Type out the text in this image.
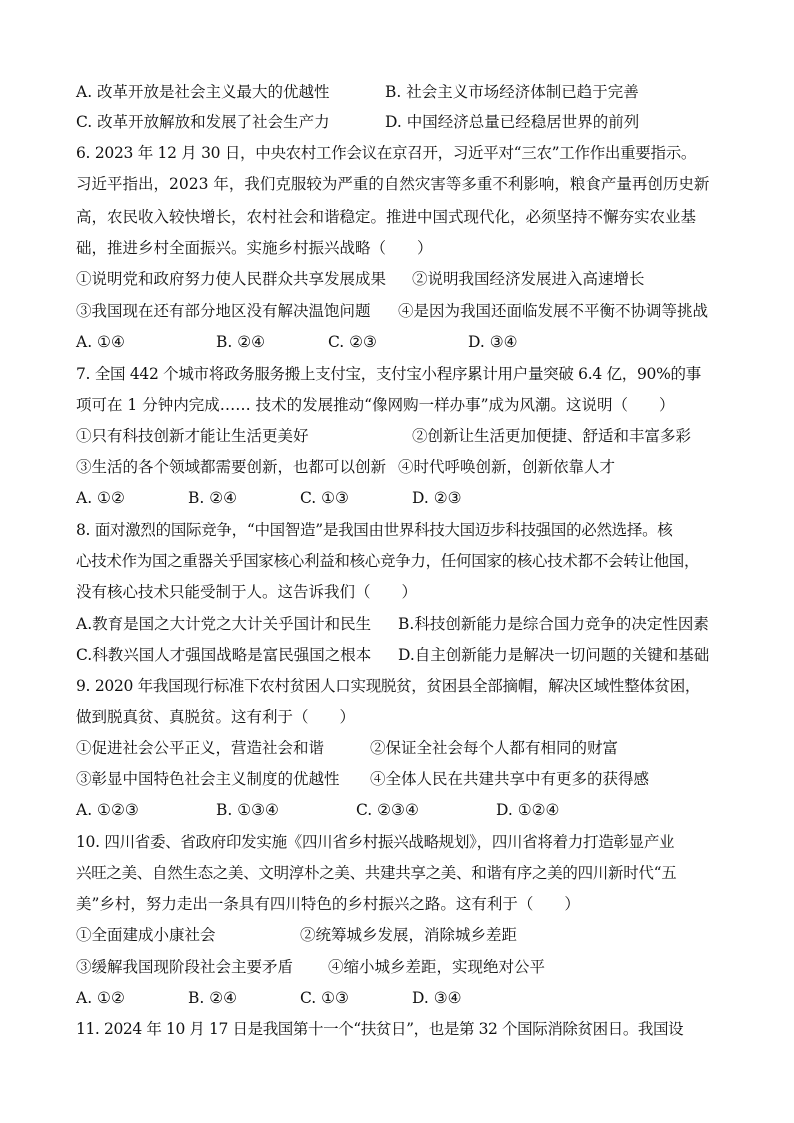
A. 改革开放是社会主义最大的优越性	B. 社会主义市场经济体制已趋于完善
C. 改革开放解放和发展了社会生产力	D. 中国经济总量已经稳居世界的前列
6. 2023 年 12 月 30 日，中央农村工作会议在京召开，习近平对“三农”工作作出重要指示。
习近平指出，2023 年，我们克服较为严重的自然灾害等多重不利影响，粮食产量再创历史新
高，农民收入较快增长，农村社会和谐稳定。推进中国式现代化，必须坚持不懈夯实农业基
础，推进乡村全面振兴。实施乡村振兴战略（　　）
①说明党和政府努力使人民群众共享发展成果 ②说明我国经济发展进入高速增长
③我国现在还有部分地区没有解决温饱问题 ④是因为我国还面临发展不平衡不协调等挑战
A. ①④	B. ②④	C. ②③	D. ③④
7. 全国 442 个城市将政务服务搬上支付宝，支付宝小程序累计用户量突破 6.4 亿，90%的事
项可在 1 分钟内完成…… 技术的发展推动“像网购一样办事”成为风潮。这说明（　　）
①只有科技创新才能让生活更美好	②创新让生活更加便捷、舒适和丰富多彩
③生活的各个领域都需要创新，也都可以创新 ④时代呼唤创新，创新依靠人才
A. ①②	B. ②④	C. ①③	D. ②③
8. 面对激烈的国际竞争，“中国智造”是我国由世界科技大国迈步科技强国的必然选择。核
心技术作为国之重器关乎国家核心利益和核心竞争力，任何国家的核心技术都不会转让他国，
没有核心技术只能受制于人。这告诉我们（　　）
A.教育是国之大计党之大计关乎国计和民生 B.科技创新能力是综合国力竞争的决定性因素
C.科教兴国人才强国战略是富民强国之根本 D.自主创新能力是解决一切问题的关键和基础
9. 2020 年我国现行标准下农村贫困人口实现脱贫，贫困县全部摘帽，解决区域性整体贫困，
做到脱真贫、真脱贫。这有利于（　　）
①促进社会公平正义，营造社会和谐	②保证全社会每个人都有相同的财富
③彰显中国特色社会主义制度的优越性 ④全体人民在共建共享中有更多的获得感
A. ①②③	B. ①③④	C. ②③④	D. ①②④
10. 四川省委、省政府印发实施《四川省乡村振兴战略规划》，四川省将着力打造彰显产业
兴旺之美、自然生态之美、文明淳朴之美、共建共享之美、和谐有序之美的四川新时代“五
美”乡村，努力走出一条具有四川特色的乡村振兴之路。这有利于（　　）
①全面建成小康社会	②统筹城乡发展，消除城乡差距
③缓解我国现阶段社会主要矛盾 ④缩小城乡差距，实现绝对公平
A. ①②	B. ②④	C. ①③	D. ③④
11. 2024 年 10 月 17 日是我国第十一个“扶贫日”，也是第 32 个国际消除贫困日。我国设
